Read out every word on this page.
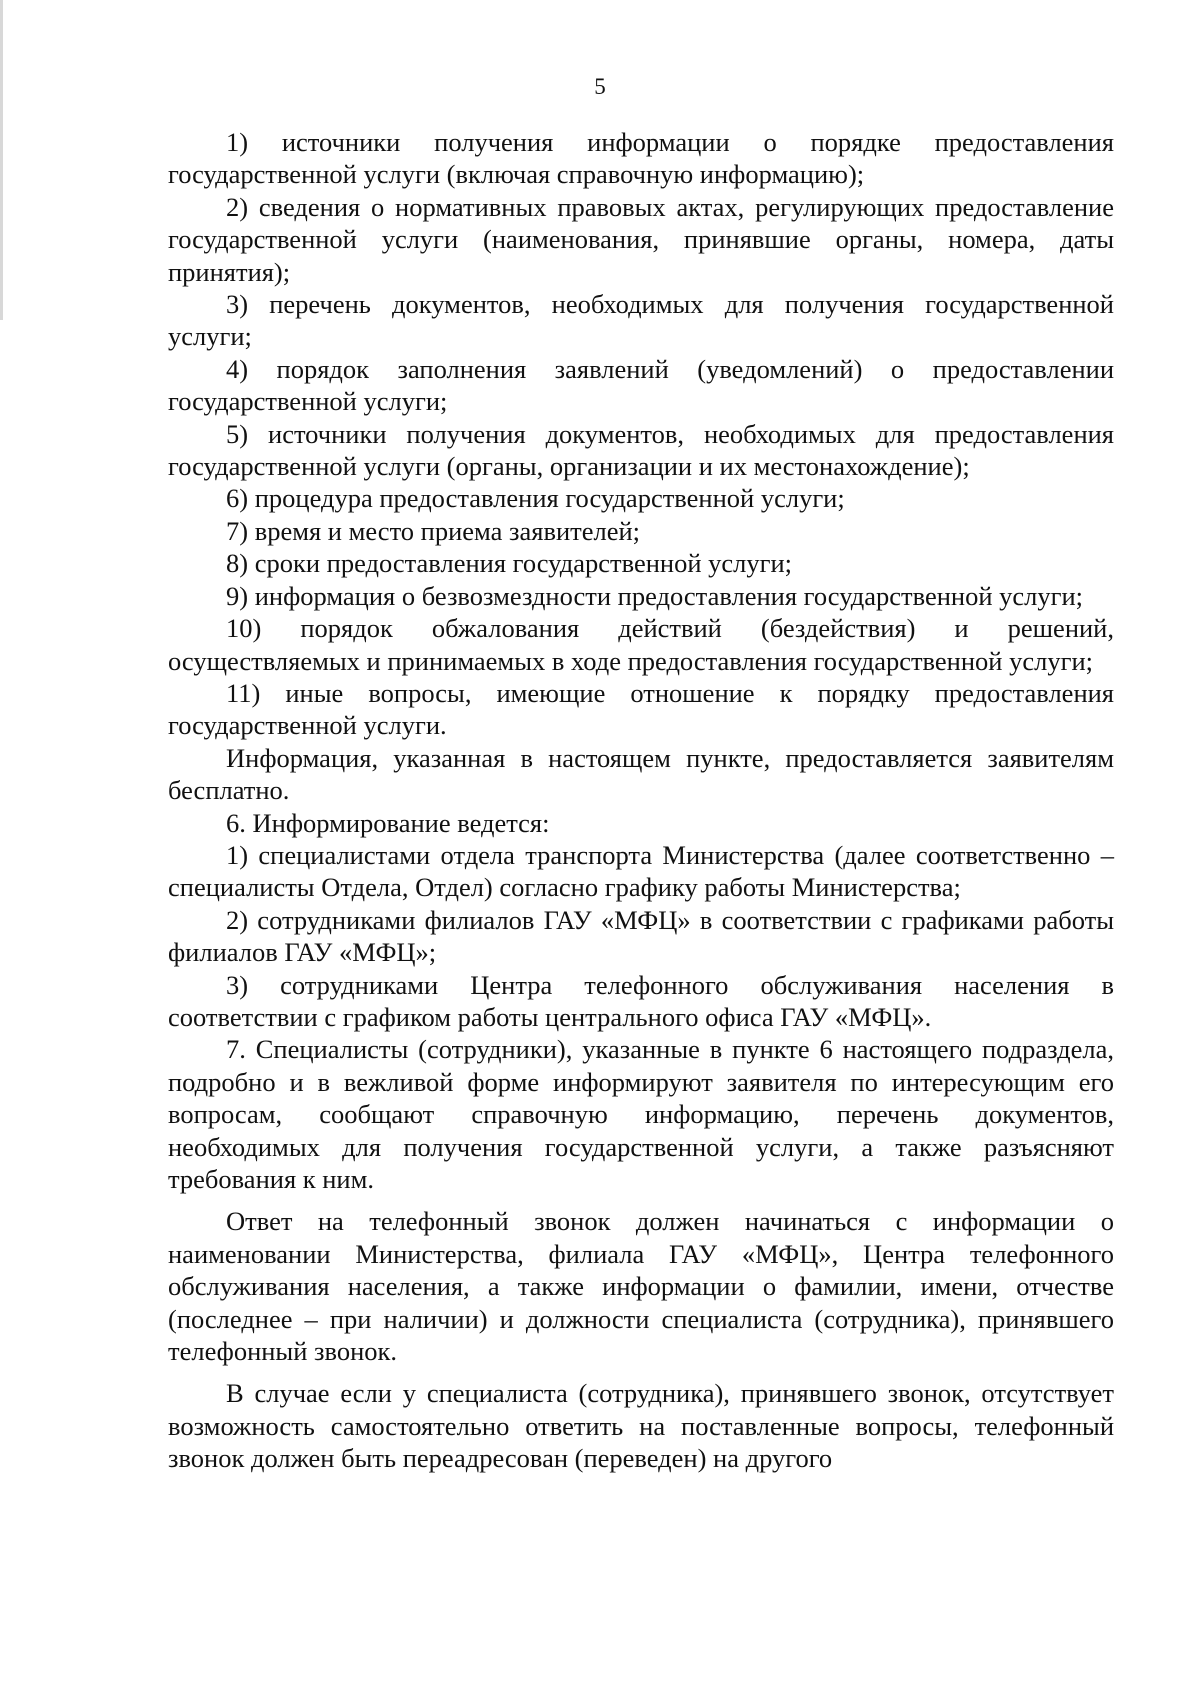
5

1) источники получения информации о порядке предоставления государственной услуги (включая справочную информацию);

2) сведения о нормативных правовых актах, регулирующих предоставление государственной услуги (наименования, принявшие органы, номера, даты принятия);

3) перечень документов, необходимых для получения государственной услуги;

4) порядок заполнения заявлений (уведомлений) о предоставлении государственной услуги;

5) источники получения документов, необходимых для предоставления государственной услуги (органы, организации и их местонахождение);

6) процедура предоставления государственной услуги;

7) время и место приема заявителей;

8) сроки предоставления государственной услуги;

9) информация о безвозмездности предоставления государственной услуги;

10) порядок обжалования действий (бездействия) и решений, осуществляемых и принимаемых в ходе предоставления государственной услуги;

11) иные вопросы, имеющие отношение к порядку предоставления государственной услуги.

Информация, указанная в настоящем пункте, предоставляется заявителям бесплатно.

6. Информирование ведется:

1) специалистами отдела транспорта Министерства (далее соответственно – специалисты Отдела, Отдел) согласно графику работы Министерства;

2) сотрудниками филиалов ГАУ «МФЦ» в соответствии с графиками работы филиалов ГАУ «МФЦ»;

3) сотрудниками Центра телефонного обслуживания населения в соответствии с графиком работы центрального офиса ГАУ «МФЦ».

7. Специалисты (сотрудники), указанные в пункте 6 настоящего подраздела, подробно и в вежливой форме информируют заявителя по интересующим его вопросам, сообщают справочную информацию, перечень документов, необходимых для получения государственной услуги, а также разъясняют требования к ним.

Ответ на телефонный звонок должен начинаться с информации о наименовании Министерства, филиала ГАУ «МФЦ», Центра телефонного обслуживания населения, а также информации о фамилии, имени, отчестве (последнее – при наличии) и должности специалиста (сотрудника), принявшего телефонный звонок.

В случае если у специалиста (сотрудника), принявшего звонок, отсутствует возможность самостоятельно ответить на поставленные вопросы, телефонный звонок должен быть переадресован (переведен) на другого
